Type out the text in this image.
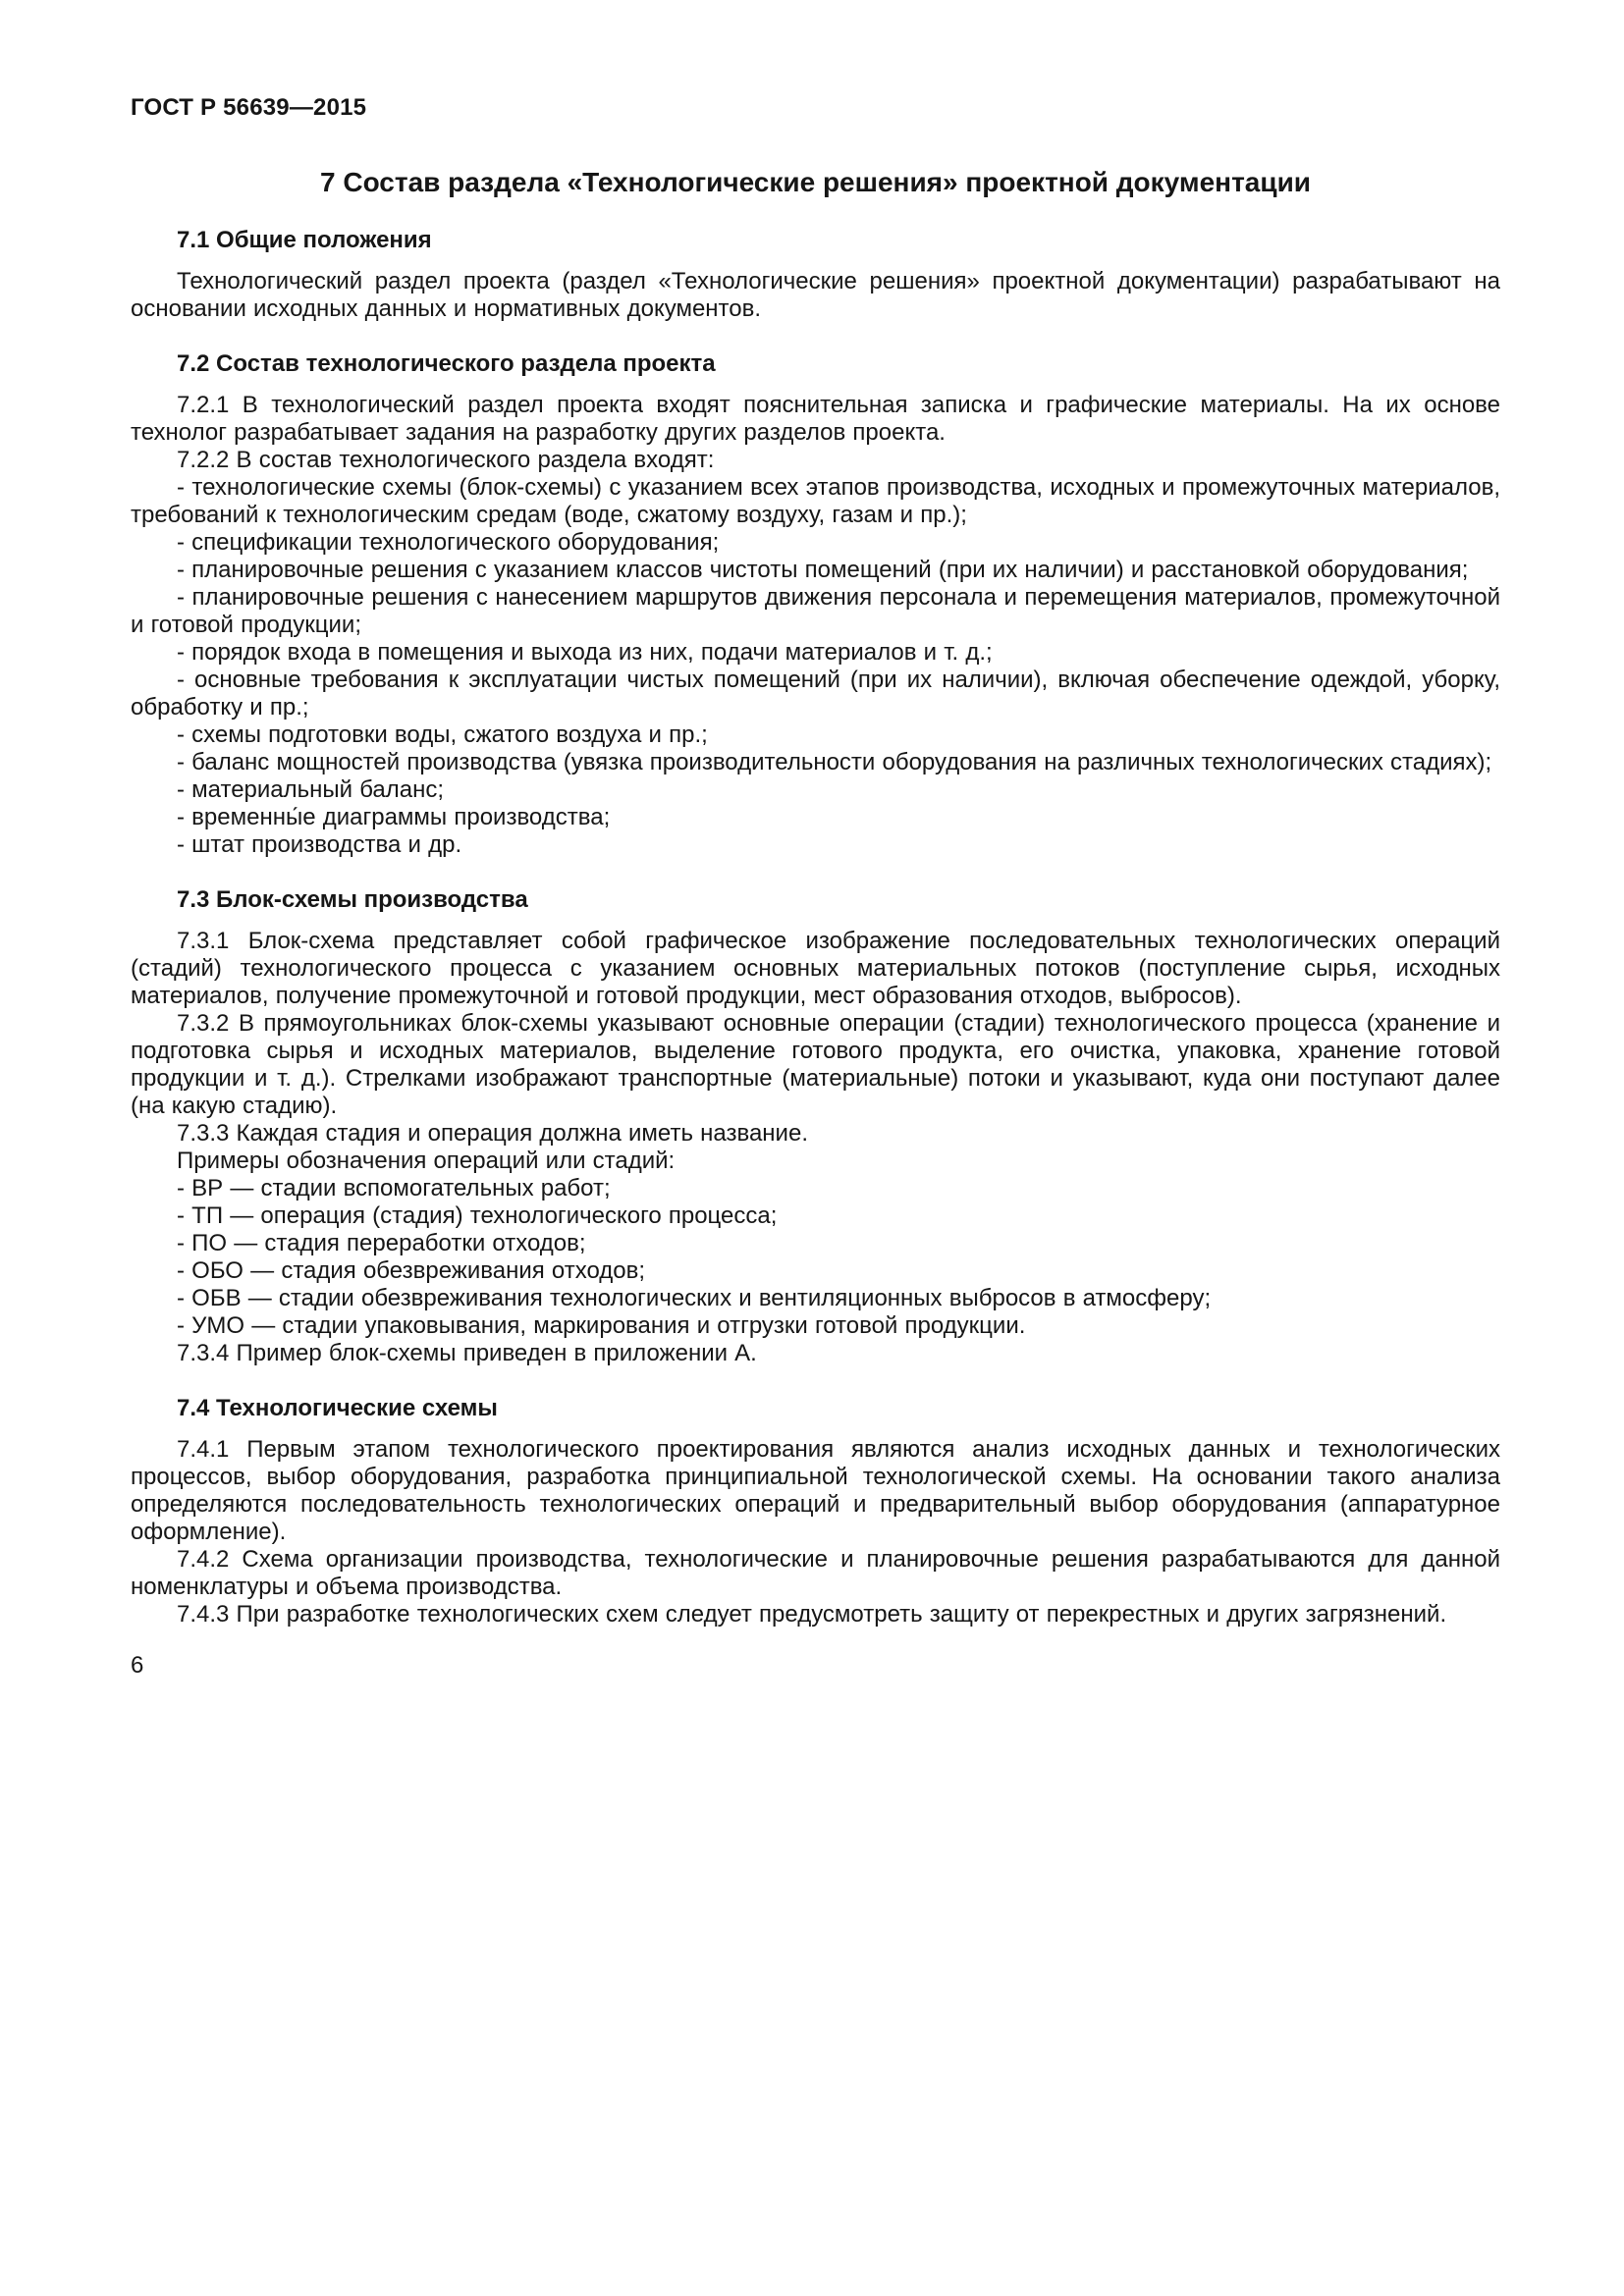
ГОСТ Р 56639—2015
7 Состав раздела «Технологические решения» проектной документации
7.1 Общие положения

Технологический раздел проекта (раздел «Технологические решения» проектной документации) разрабатывают на основании исходных данных и нормативных документов.

7.2 Состав технологического раздела проекта

7.2.1 В технологический раздел проекта входят пояснительная записка и графические материалы. На их основе технолог разрабатывает задания на разработку других разделов проекта.

7.2.2 В состав технологического раздела входят:

- технологические схемы (блок-схемы) с указанием всех этапов производства, исходных и промежуточных материалов, требований к технологическим средам (воде, сжатому воздуху, газам и пр.);

- спецификации технологического оборудования;

- планировочные решения с указанием классов чистоты помещений (при их наличии) и расстановкой оборудования;

- планировочные решения с нанесением маршрутов движения персонала и перемещения материалов, промежуточной и готовой продукции;

- порядок входа в помещения и выхода из них, подачи материалов и т. д.;

- основные требования к эксплуатации чистых помещений (при их наличии), включая обеспечение одеждой, уборку, обработку и пр.;

- схемы подготовки воды, сжатого воздуха и пр.;

- баланс мощностей производства (увязка производительности оборудования на различных технологических стадиях);

- материальный баланс;

- временны́е диаграммы производства;

- штат производства и др.

7.3 Блок-схемы производства

7.3.1 Блок-схема представляет собой графическое изображение последовательных технологических операций (стадий) технологического процесса с указанием основных материальных потоков (поступление сырья, исходных материалов, получение промежуточной и готовой продукции, мест образования отходов, выбросов).

7.3.2 В прямоугольниках блок-схемы указывают основные операции (стадии) технологического процесса (хранение и подготовка сырья и исходных материалов, выделение готового продукта, его очистка, упаковка, хранение готовой продукции и т. д.). Стрелками изображают транспортные (материальные) потоки и указывают, куда они поступают далее (на какую стадию).

7.3.3 Каждая стадия и операция должна иметь название.

Примеры обозначения операций или стадий:

- ВР — стадии вспомогательных работ;

- ТП — операция (стадия) технологического процесса;

- ПО — стадия переработки отходов;

- ОБО — стадия обезвреживания отходов;

- ОБВ — стадии обезвреживания технологических и вентиляционных выбросов в атмосферу;

- УМО — стадии упаковывания, маркирования и отгрузки готовой продукции.

7.3.4 Пример блок-схемы приведен в приложении А.

7.4 Технологические схемы

7.4.1 Первым этапом технологического проектирования являются анализ исходных данных и технологических процессов, выбор оборудования, разработка принципиальной технологической схемы. На основании такого анализа определяются последовательность технологических операций и предварительный выбор оборудования (аппаратурное оформление).

7.4.2 Схема организации производства, технологические и планировочные решения разрабатываются для данной номенклатуры и объема производства.

7.4.3 При разработке технологических схем следует предусмотреть защиту от перекрестных и других загрязнений.

6
